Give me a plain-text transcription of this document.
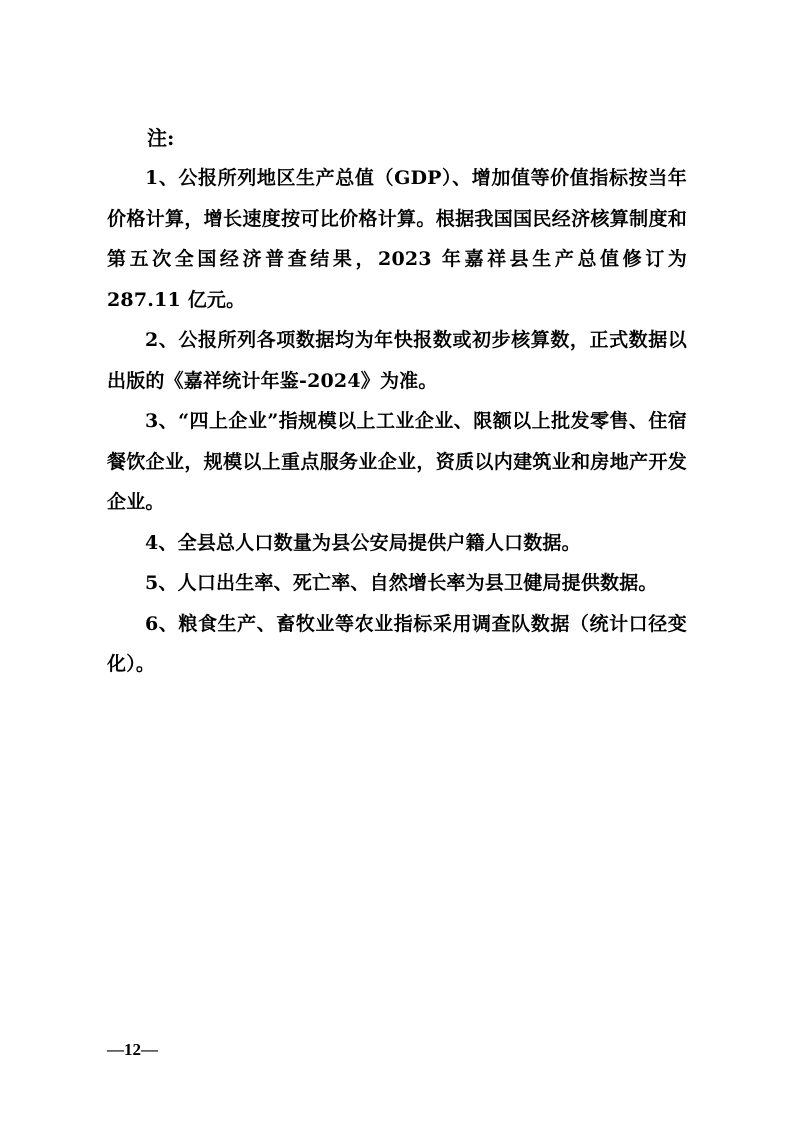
注:

1、公报所列地区生产总值（GDP）、增加值等价值指标按当年价格计算，增长速度按可比价格计算。根据我国国民经济核算制度和第五次全国经济普查结果，2023 年嘉祥县生产总值修订为 287.11 亿元。

2、公报所列各项数据均为年快报数或初步核算数，正式数据以出版的《嘉祥统计年鉴-2024》为准。

3、“四上企业”指规模以上工业企业、限额以上批发零售、住宿餐饮企业，规模以上重点服务业企业，资质以内建筑业和房地产开发企业。

4、全县总人口数量为县公安局提供户籍人口数据。

5、人口出生率、死亡率、自然增长率为县卫健局提供数据。

6、粮食生产、畜牧业等农业指标采用调查队数据（统计口径变化）。

—12—
